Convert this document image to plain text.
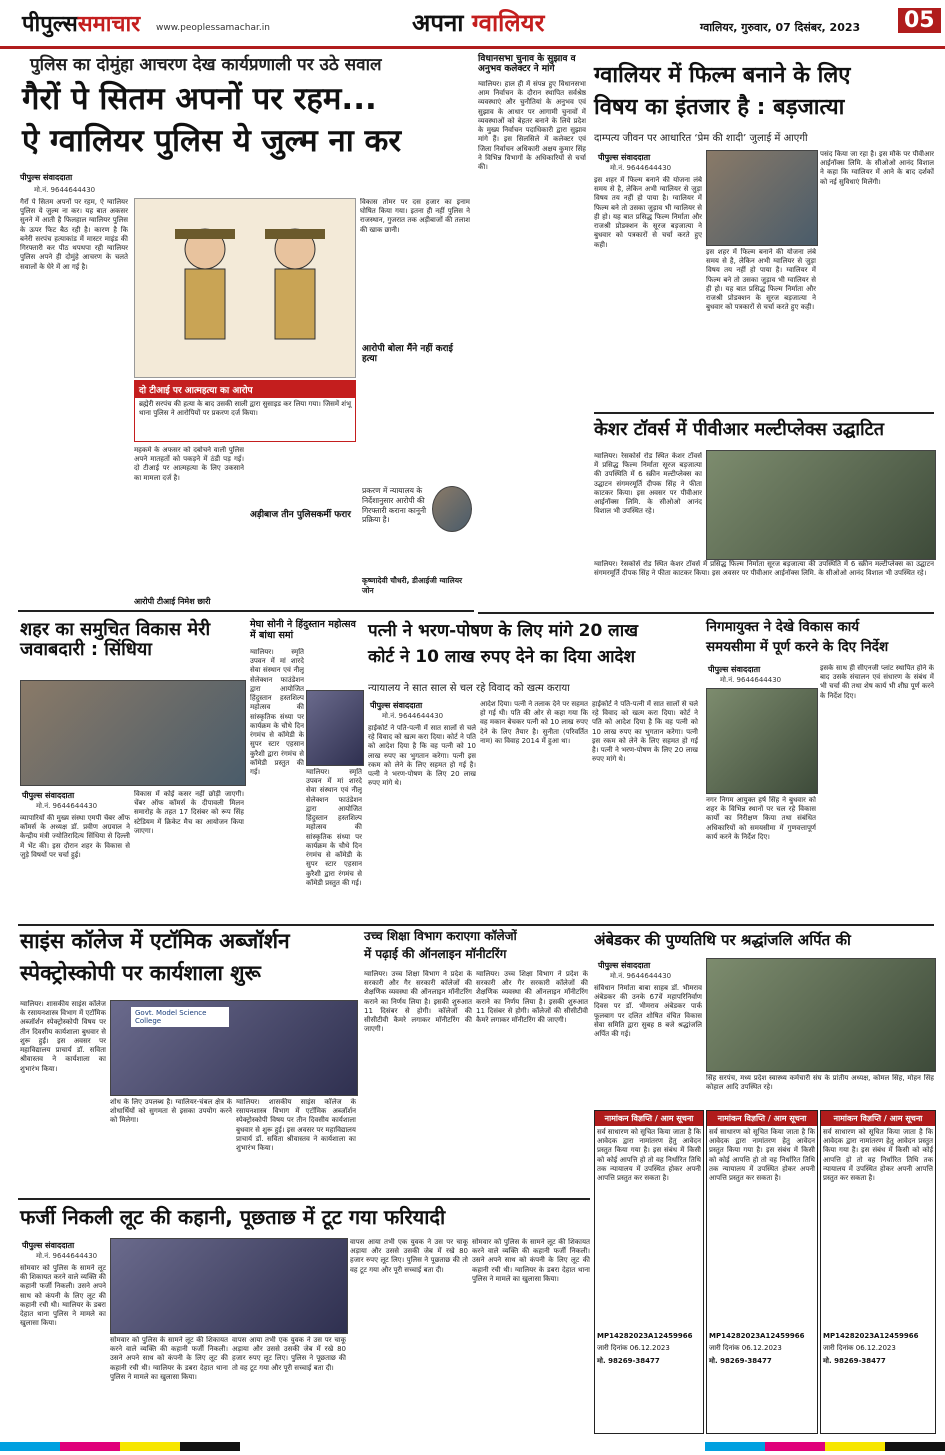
पीपुल्ससमाचार www.peoplessamachar.in	अपना ग्वालियर	ग्वालियर, गुरुवार, 07 दिसंबर, 2023 05
पुलिस का दोमुंहा आचरण देख कार्यप्रणाली पर उठे सवाल
गैरों पे सितम अपनों पर रहम...
ऐ ग्वालियर पुलिस ये जुल्म ना कर
पीपुल्स संवाददाता
मो.नं. 9644644430
गैरों पे सितम अपनों पर रहम, ऐ ग्वालियर पुलिस ये जुल्म ना कर। यह बात अकसर सुनने में आती है फिलहाल ग्वालियर पुलिस के ऊपर फिट बैठ रही है। कारण है कि बनेरी सरपंच हत्याकांड में मास्टर माइंड की गिरफ्तारी कर पीठ थपथपा रही ग्वालियर पुलिस अपने ही दोमुंहे आचरण के चलते सवालों के घेरे में आ गई है।
विकास तोमर पर दस हजार का इनाम घोषित किया गया। इतना ही नहीं पुलिस ने राजस्थान, गुजरात तक अड़ीबाजों की तलाश की खाक छानी।
आरोपी बोला मैंने नहीं कराई हत्या
दो टीआई पर आत्महत्या का आरोप
ब्रह्मेरी सरपंच की हत्या के बाद उसकी साली द्वारा सुसाइड कर लिया गया। जिसमें शंभू थाना पुलिस ने आरोपियों पर प्रकरण दर्ज किया।
महकमे के अफसर को दबोचने वाली पुलिस अपने मातहतों को पकड़ने में ठंडी पड़ गई। दो टीआई पर आत्महत्या के लिए उकसाने का मामला दर्ज है।
अड़ीबाज तीन पुलिसकर्मी फरार
आरोपी टीआई निमेश छारी
प्रकरण में न्यायालय के निर्देशानुसार आरोपी की गिरफ्तारी कराना कानूनी प्रक्रिया है।
कृष्णादेवी चौधरी, डीआईजी ग्वालियर जोन
विधानसभा चुनाव के सुझाव व अनुभव कलेक्टर ने मांगे
ग्वालियर। हाल ही में संपन्न हुए विधानसभा आम निर्वाचन के दौरान स्थापित सर्वश्रेष्ठ व्यवस्थाएं और चुनौतियां के अनुभव एवं सुझाव के आधार पर आगामी चुनावों में व्यवस्थाओं को बेहतर बनाने के लिये प्रदेश के मुख्य निर्वाचन पदाधिकारी द्वारा सुझाव मांगे हैं। इस सिलसिले में कलेक्टर एवं जिला निर्वाचन अधिकारी अक्षय कुमार सिंह ने विभिन्न विभागों के अधिकारियों से चर्चा की।
ग्वालियर में फिल्म बनाने के लिए
विषय का इंतजार है : बड़जात्या
दाम्पत्य जीवन पर आधारित ‘प्रेम की शादी’ जुलाई में आएगी
पीपुल्स संवाददाता
मो.नं. 9644644430
इस शहर में फिल्म बनाने की योजना लंबे समय से है, लेकिन अभी ग्वालियर से जुड़ा विषय तय नहीं हो पाया है। ग्वालियर में फिल्म बने तो उसका जुड़ाव भी ग्वालियर से ही हो। यह बात प्रसिद्ध फिल्म निर्माता और राजश्री प्रोडक्शन के सूरज बड़जात्या ने बुधवार को पत्रकारों से चर्चा करते हुए कही।
इस शहर में फिल्म बनाने की योजना लंबे समय से है, लेकिन अभी ग्वालियर से जुड़ा विषय तय नहीं हो पाया है। ग्वालियर में फिल्म बने तो उसका जुड़ाव भी ग्वालियर से ही हो। यह बात प्रसिद्ध फिल्म निर्माता और राजश्री प्रोडक्शन के सूरज बड़जात्या ने बुधवार को पत्रकारों से चर्चा करते हुए कही।
पसंद किया जा रहा है। इस मौके पर पीवीआर आईनॉक्स लिमि. के सीओओ आनंद विशाल ने कहा कि ग्वालियर में आने के बाद दर्शकों को नई सुविधाएं मिलेंगी।
केशर टॉवर्स में पीवीआर मल्टीप्लेक्स उद्घाटित
ग्वालियर। रेसकोर्स रोड स्थित केशर टॉवर्स में प्रसिद्ध फिल्म निर्माता सूरज बड़जात्या की उपस्थिति में 6 स्क्रीन मल्टीप्लेक्स का उद्घाटन संगमरमूर्ति दीपक सिंह ने फीता काटकर किया। इस अवसर पर पीवीआर आईनॉक्स लिमि. के सीओओ आनंद विशाल भी उपस्थित रहे।
ग्वालियर। रेसकोर्स रोड स्थित केशर टॉवर्स में प्रसिद्ध फिल्म निर्माता सूरज बड़जात्या की उपस्थिति में 6 स्क्रीन मल्टीप्लेक्स का उद्घाटन संगमरमूर्ति दीपक सिंह ने फीता काटकर किया। इस अवसर पर पीवीआर आईनॉक्स लिमि. के सीओओ आनंद विशाल भी उपस्थित रहे।
शहर का समुचित विकास मेरी जवाबदारी : सिंधिया
पीपुल्स संवाददाता
मो.नं. 9644644430
व्यापारियों की मुख्य संस्था एमपी चेंबर ऑफ कॉमर्स के अध्यक्ष डॉ. प्रवीण अग्रवाल ने केन्द्रीय मंत्री ज्योतिरादित्य सिंधिया से दिल्ली में भेंट की। इस दौरान शहर के विकास से जुड़े विषयों पर चर्चा हुई।
विकास में कोई कसर नहीं छोड़ी जाएगी। चेंबर ऑफ कॉमर्स के दीपावली मिलन समारोह के तहत 17 दिसंबर को रूप सिंह स्टेडियम में क्रिकेट मैच का आयोजन किया जाएगा।
मेघा सोनी ने हिंदुस्तान महोत्सव में बांधा समां
ग्वालियर। स्मृति उपवन में मां शारदे सेवा संस्थान एवं नीलू सेलेक्शन फाउंडेशन द्वारा आयोजित हिंदुस्तान हस्तशिल्प महोत्सव की सांस्कृतिक संध्या पर कार्यक्रम के चौथे दिन रंगमंच से कॉमेडी के सुपर स्टार एहसान कुरैशी द्वारा रंगमंच से कॉमेडी प्रस्तुत की गई।	ग्वालियर। स्मृति उपवन में मां शारदे सेवा संस्थान एवं नीलू सेलेक्शन फाउंडेशन द्वारा आयोजित हिंदुस्तान हस्तशिल्प महोत्सव की सांस्कृतिक संध्या पर कार्यक्रम के चौथे दिन रंगमंच से कॉमेडी के सुपर स्टार एहसान कुरैशी द्वारा रंगमंच से कॉमेडी प्रस्तुत की गई।
पत्नी ने भरण-पोषण के लिए मांगे 20 लाख
कोर्ट ने 10 लाख रुपए देने का दिया आदेश
न्यायालय ने सात साल से चल रहे विवाद को खत्म कराया
पीपुल्स संवाददाता
मो.नं. 9644644430
हाईकोर्ट ने पति-पत्नी में सात सालों से चले रहे विवाद को खत्म करा दिया। कोर्ट ने पति को आदेश दिया है कि वह पत्नी को 10 लाख रुपए का भुगतान करेगा। पत्नी इस रकम को लेने के लिए सहमत हो गई है। पत्नी ने भरण-पोषण के लिए 20 लाख रुपए मांगे थे।
आदेश दिया। पत्नी ने तलाक देने पर सहमत हो गई थी। पति की ओर से कहा गया कि वह मकान बेचकर पत्नी को 10 लाख रुपए देने के लिए तैयार है। सुनीता (परिवर्तित नाम) का विवाह 2014 में हुआ था।
हाईकोर्ट ने पति-पत्नी में सात सालों से चले रहे विवाद को खत्म करा दिया। कोर्ट ने पति को आदेश दिया है कि वह पत्नी को 10 लाख रुपए का भुगतान करेगा। पत्नी इस रकम को लेने के लिए सहमत हो गई है। पत्नी ने भरण-पोषण के लिए 20 लाख रुपए मांगे थे।
निगमायुक्त ने देखे विकास कार्य
समयसीमा में पूर्ण करने के दिए निर्देश
पीपुल्स संवाददाता
मो.नं. 9644644430
नगर निगम आयुक्त हर्ष सिंह ने बुधवार को शहर के विभिन्न स्थानों पर चल रहे विकास कार्यों का निरीक्षण किया तथा संबंधित अधिकारियों को समयसीमा में गुणवत्तापूर्ण कार्य करने के निर्देश दिए।
इसके साथ ही सीएनजी प्लांट स्थापित होने के बाद उसके संचालन एवं संधारण के संबंध में भी चर्चा की तथा शेष कार्य भी शीघ्र पूर्ण करने के निर्देश दिए।
साइंस कॉलेज में एटॉमिक अब्जॉर्शन
स्पेक्ट्रोस्कोपी पर कार्यशाला शुरू
ग्वालियर। शासकीय साइंस कॉलेज के रसायनशास्त्र विभाग में एटॉमिक अब्जॉर्शन स्पेक्ट्रोस्कोपी विषय पर तीन दिवसीय कार्यशाला बुधवार से शुरू हुई। इस अवसर पर महाविद्यालय प्राचार्य डॉ. सविता श्रीवास्तव ने कार्यशाला का शुभारंभ किया।
Govt. Model Science College
शोध के लिए उपलब्ध है। ग्वालियर-चंबल क्षेत्र के शोधार्थियों को सुगमता से इसका उपयोग करने को मिलेगा।
ग्वालियर। शासकीय साइंस कॉलेज के रसायनशास्त्र विभाग में एटॉमिक अब्जॉर्शन स्पेक्ट्रोस्कोपी विषय पर तीन दिवसीय कार्यशाला बुधवार से शुरू हुई। इस अवसर पर महाविद्यालय प्राचार्य डॉ. सविता श्रीवास्तव ने कार्यशाला का शुभारंभ किया।
उच्च शिक्षा विभाग कराएगा कॉलेजों
में पढ़ाई की ऑनलाइन मॉनीटरिंग
ग्वालियर। उच्च शिक्षा विभाग ने प्रदेश के सरकारी और गैर सरकारी कॉलेजों की शैक्षणिक व्यवस्था की ऑनलाइन मॉनीटरिंग कराने का निर्णय लिया है। इसकी शुरुआत 11 दिसंबर से होगी। कॉलेजों की सीसीटीवी कैमरे लगाकर मॉनीटरिंग की जाएगी।
ग्वालियर। उच्च शिक्षा विभाग ने प्रदेश के सरकारी और गैर सरकारी कॉलेजों की शैक्षणिक व्यवस्था की ऑनलाइन मॉनीटरिंग कराने का निर्णय लिया है। इसकी शुरुआत 11 दिसंबर से होगी। कॉलेजों की सीसीटीवी कैमरे लगाकर मॉनीटरिंग की जाएगी।
अंबेडकर की पुण्यतिथि पर श्रद्धांजलि अर्पित की
पीपुल्स संवाददाता
मो.नं. 9644644430
संविधान निर्माता बाबा साहब डॉ. भीमराव अंबेडकर की उनके 67वें महापरिनिर्वाण दिवस पर डॉ. भीमराव अंबेडकर पार्क फूलबाग पर दलित शोषित वंचित विकास सेवा समिति द्वारा सुबह 8 बजे श्रद्धांजलि अर्पित की गई।
सिंह सरपंच, मध्य प्रदेश स्वास्थ्य कर्मचारी संघ के प्रांतीय अध्यक्ष, कोमल सिंह, मोहन सिंह कोहाल आदि उपस्थित रहे।
नामांकन विज्ञप्ति / आम सूचना
सर्व साधारण को सूचित किया जाता है कि आवेदक द्वारा नामांतरण हेतु आवेदन प्रस्तुत किया गया है। इस संबंध में किसी को कोई आपत्ति हो तो वह निर्धारित तिथि तक न्यायालय में उपस्थित होकर अपनी आपत्ति प्रस्तुत कर सकता है।
MP14282023A12459966
जारी दिनांक 06.12.2023
मो. 98269-38477
नामांकन विज्ञप्ति / आम सूचना
सर्व साधारण को सूचित किया जाता है कि आवेदक द्वारा नामांतरण हेतु आवेदन प्रस्तुत किया गया है। इस संबंध में किसी को कोई आपत्ति हो तो वह निर्धारित तिथि तक न्यायालय में उपस्थित होकर अपनी आपत्ति प्रस्तुत कर सकता है।
MP14282023A12459966
जारी दिनांक 06.12.2023
मो. 98269-38477
नामांकन विज्ञप्ति / आम सूचना
सर्व साधारण को सूचित किया जाता है कि आवेदक द्वारा नामांतरण हेतु आवेदन प्रस्तुत किया गया है। इस संबंध में किसी को कोई आपत्ति हो तो वह निर्धारित तिथि तक न्यायालय में उपस्थित होकर अपनी आपत्ति प्रस्तुत कर सकता है।
MP14282023A12459966
जारी दिनांक 06.12.2023
मो. 98269-38477
फर्जी निकली लूट की कहानी, पूछताछ में टूट गया फरियादी
पीपुल्स संवाददाता
मो.नं. 9644644430
सोमवार को पुलिस के सामने लूट की शिकायत करने वाले व्यक्ति की कहानी फर्जी निकली। उसने अपने साथ को कंपनी के लिए लूट की कहानी रची थी। ग्वालियर के डबरा देहात थाना पुलिस ने मामले का खुलासा किया।
सोमवार को पुलिस के सामने लूट की शिकायत करने वाले व्यक्ति की कहानी फर्जी निकली। उसने अपने साथ को कंपनी के लिए लूट की कहानी रची थी। ग्वालियर के डबरा देहात थाना पुलिस ने मामले का खुलासा किया।
वापस आया तभी एक युवक ने उस पर चाकू अड़ाया और उससे उसकी जेब में रखे 80 हजार रुपए लूट लिए। पुलिस ने पूछताछ की तो वह टूट गया और पूरी सच्चाई बता दी।
वापस आया तभी एक युवक ने उस पर चाकू अड़ाया और उससे उसकी जेब में रखे 80 हजार रुपए लूट लिए। पुलिस ने पूछताछ की तो वह टूट गया और पूरी सच्चाई बता दी।
सोमवार को पुलिस के सामने लूट की शिकायत करने वाले व्यक्ति की कहानी फर्जी निकली। उसने अपने साथ को कंपनी के लिए लूट की कहानी रची थी। ग्वालियर के डबरा देहात थाना पुलिस ने मामले का खुलासा किया।
